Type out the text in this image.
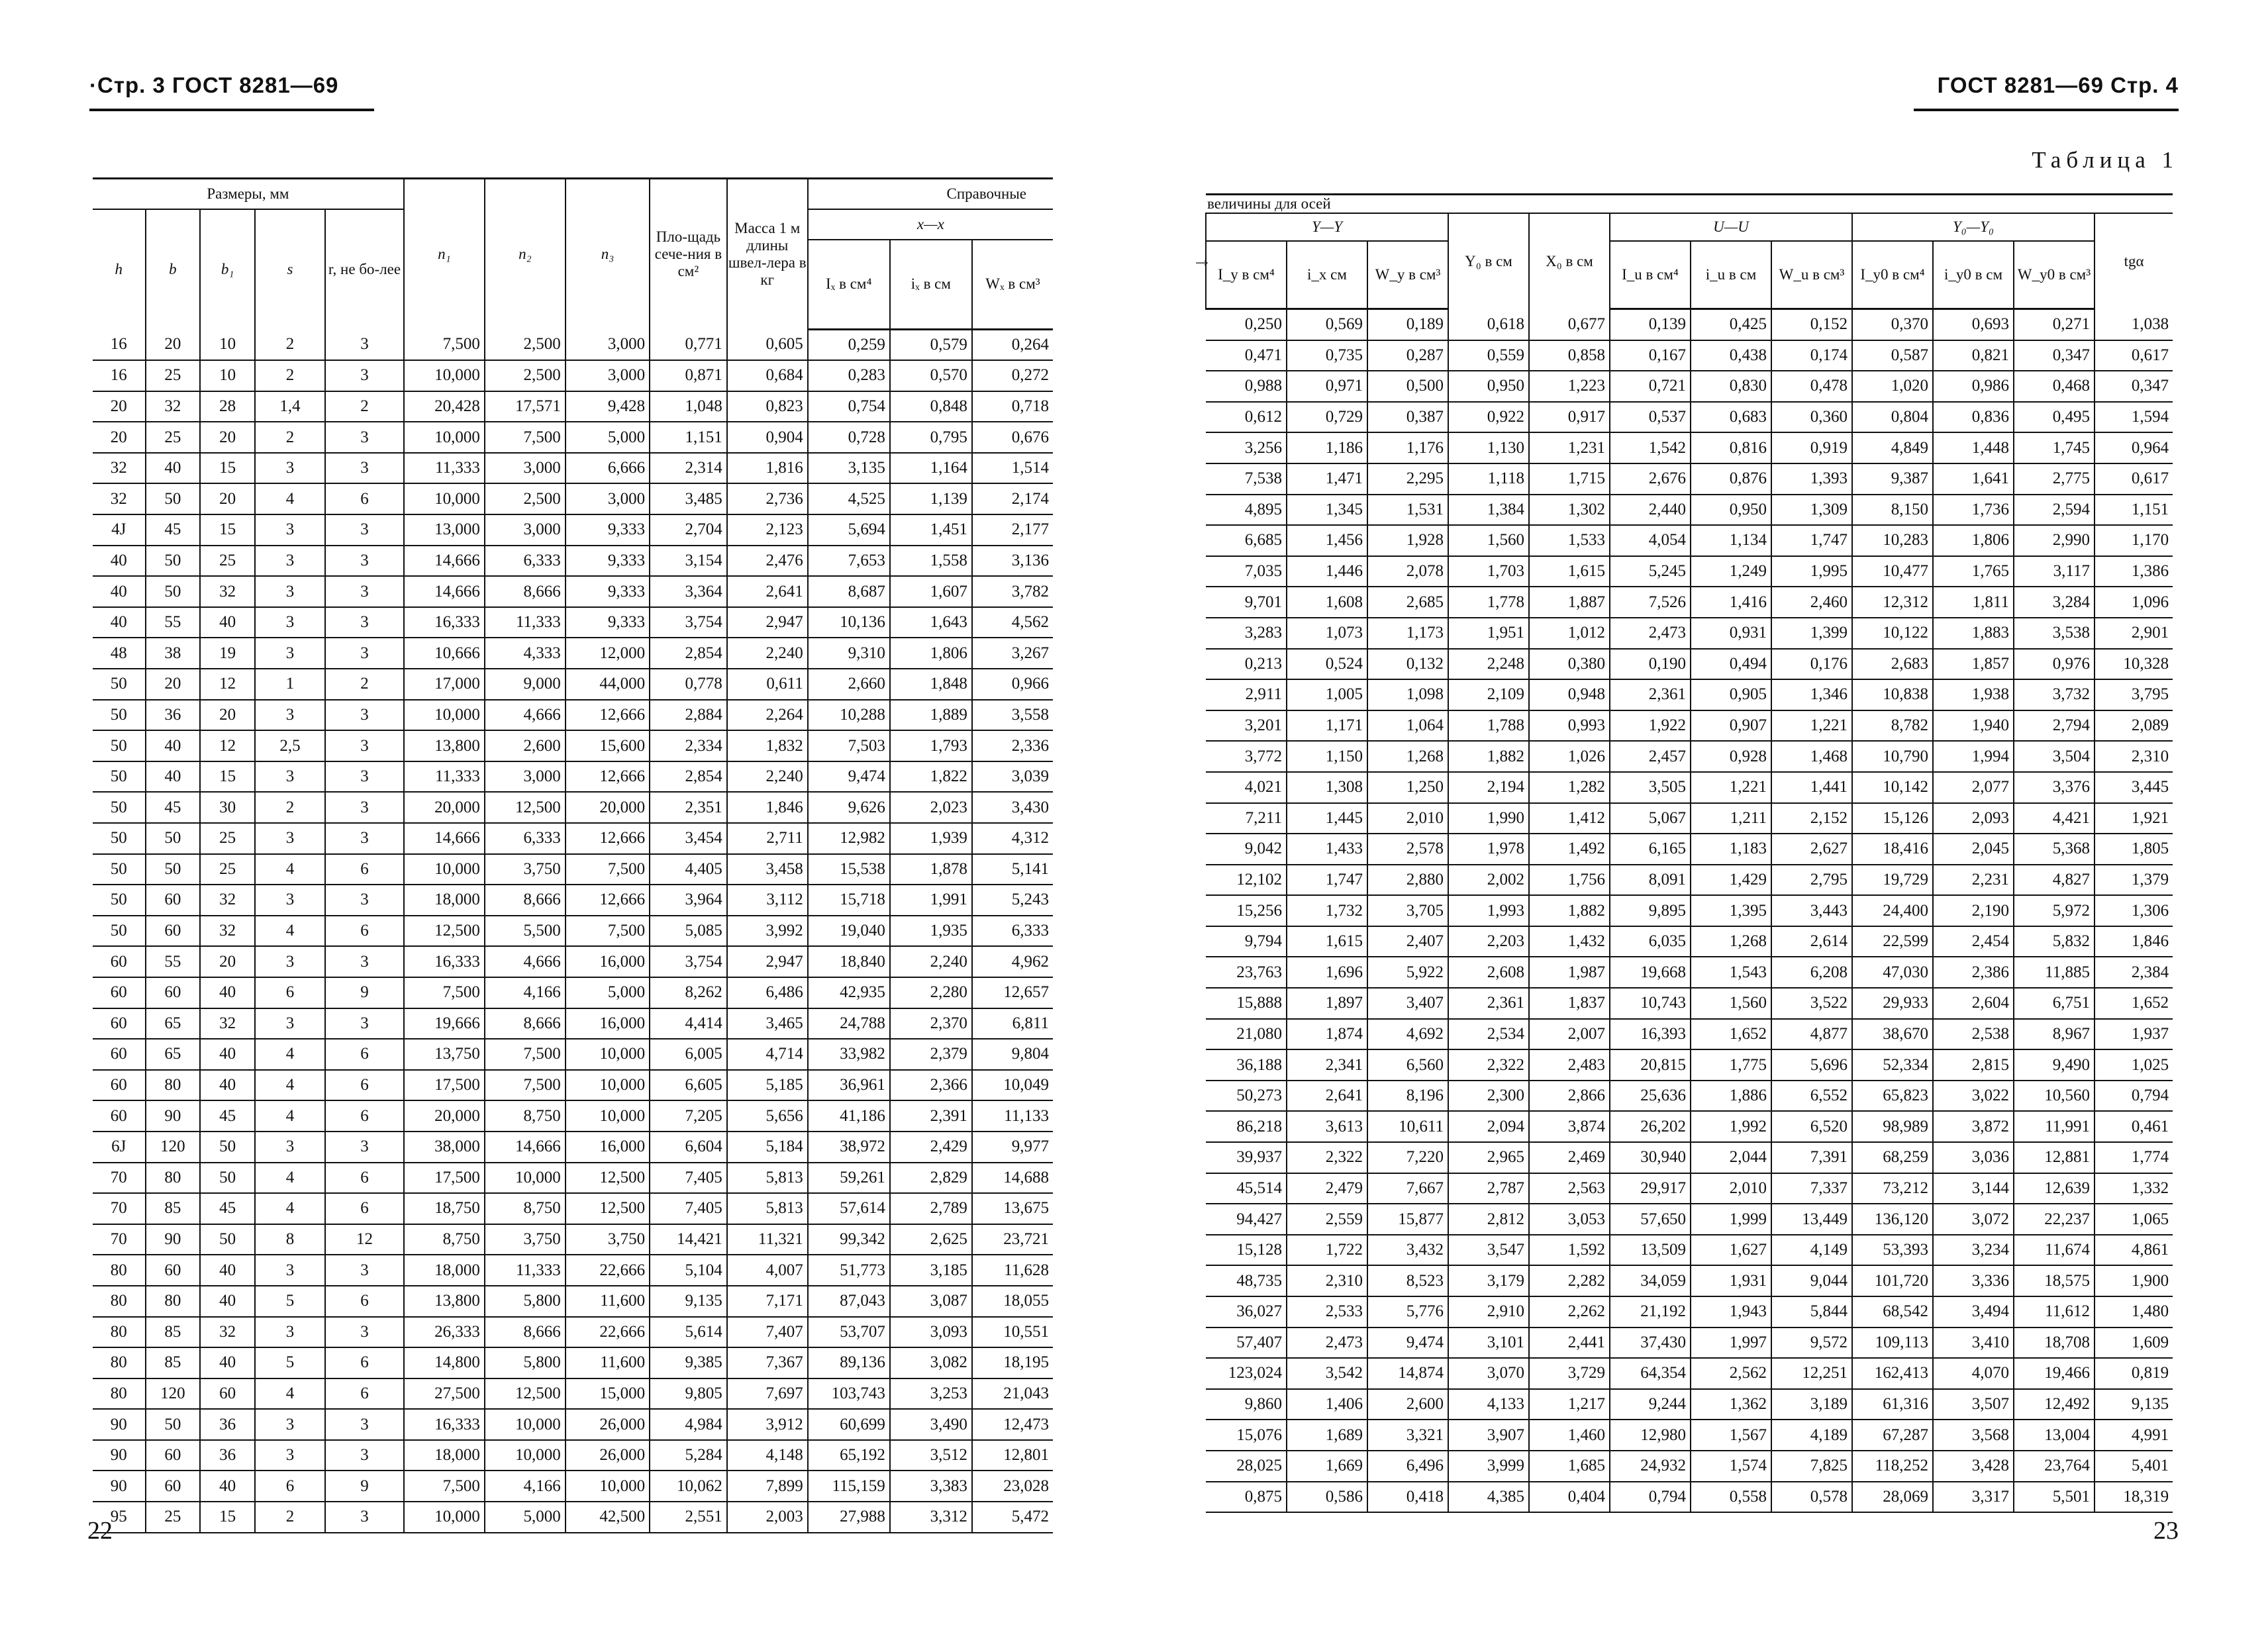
·Стр. 3 ГОСТ 8281—69
Размеры, мм					n₁	n₂	n₃	Пло-щадь сече-ния в см²	Масса 1 м длины швел-лера в кг	Справочные		
h	b	b₁	s	r, не бо-лее						x—x		
										Iₓ в см⁴	iₓ в см	Wₓ в см³
16	20	10	2	3	7,500	2,500	3,000	0,771	0,605	0,259	0,579	0,264
16	25	10	2	3	10,000	2,500	3,000	0,871	0,684	0,283	0,570	0,272
20	32	28	1,4	2	20,428	17,571	9,428	1,048	0,823	0,754	0,848	0,718
20	25	20	2	3	10,000	7,500	5,000	1,151	0,904	0,728	0,795	0,676
32	40	15	3	3	11,333	3,000	6,666	2,314	1,816	3,135	1,164	1,514
32	50	20	4	6	10,000	2,500	3,000	3,485	2,736	4,525	1,139	2,174
4J	45	15	3	3	13,000	3,000	9,333	2,704	2,123	5,694	1,451	2,177
40	50	25	3	3	14,666	6,333	9,333	3,154	2,476	7,653	1,558	3,136
40	50	32	3	3	14,666	8,666	9,333	3,364	2,641	8,687	1,607	3,782
40	55	40	3	3	16,333	11,333	9,333	3,754	2,947	10,136	1,643	4,562
48	38	19	3	3	10,666	4,333	12,000	2,854	2,240	9,310	1,806	3,267
50	20	12	1	2	17,000	9,000	44,000	0,778	0,611	2,660	1,848	0,966
50	36	20	3	3	10,000	4,666	12,666	2,884	2,264	10,288	1,889	3,558
50	40	12	2,5	3	13,800	2,600	15,600	2,334	1,832	7,503	1,793	2,336
50	40	15	3	3	11,333	3,000	12,666	2,854	2,240	9,474	1,822	3,039
50	45	30	2	3	20,000	12,500	20,000	2,351	1,846	9,626	2,023	3,430
50	50	25	3	3	14,666	6,333	12,666	3,454	2,711	12,982	1,939	4,312
50	50	25	4	6	10,000	3,750	7,500	4,405	3,458	15,538	1,878	5,141
50	60	32	3	3	18,000	8,666	12,666	3,964	3,112	15,718	1,991	5,243
50	60	32	4	6	12,500	5,500	7,500	5,085	3,992	19,040	1,935	6,333
60	55	20	3	3	16,333	4,666	16,000	3,754	2,947	18,840	2,240	4,962
60	60	40	6	9	7,500	4,166	5,000	8,262	6,486	42,935	2,280	12,657
60	65	32	3	3	19,666	8,666	16,000	4,414	3,465	24,788	2,370	6,811
60	65	40	4	6	13,750	7,500	10,000	6,005	4,714	33,982	2,379	9,804
60	80	40	4	6	17,500	7,500	10,000	6,605	5,185	36,961	2,366	10,049
60	90	45	4	6	20,000	8,750	10,000	7,205	5,656	41,186	2,391	11,133
6J	120	50	3	3	38,000	14,666	16,000	6,604	5,184	38,972	2,429	9,977
70	80	50	4	6	17,500	10,000	12,500	7,405	5,813	59,261	2,829	14,688
70	85	45	4	6	18,750	8,750	12,500	7,405	5,813	57,614	2,789	13,675
70	90	50	8	12	8,750	3,750	3,750	14,421	11,321	99,342	2,625	23,721
80	60	40	3	3	18,000	11,333	22,666	5,104	4,007	51,773	3,185	11,628
80	80	40	5	6	13,800	5,800	11,600	9,135	7,171	87,043	3,087	18,055
80	85	32	3	3	26,333	8,666	22,666	5,614	7,407	53,707	3,093	10,551
80	85	40	5	6	14,800	5,800	11,600	9,385	7,367	89,136	3,082	18,195
80	120	60	4	6	27,500	12,500	15,000	9,805	7,697	103,743	3,253	21,043
90	50	36	3	3	16,333	10,000	26,000	4,984	3,912	60,699	3,490	12,473
90	60	36	3	3	18,000	10,000	26,000	5,284	4,148	65,192	3,512	12,801
90	60	40	6	9	7,500	4,166	10,000	10,062	7,899	115,159	3,383	23,028
95	25	15	2	3	10,000	5,000	42,500	2,551	2,003	27,988	3,312	5,472
22
ГОСТ 8281—69 Стр. 4
Таблица 1
→
величины для осей											
Y—Y			Y₀ в см	X₀ в см	U—U			Y₀—Y₀			tgα
I_y в см⁴	i_x см	W_y в см³			I_u в см⁴	i_u в см	W_u в см³	I_y0 в см⁴	i_y0 в см	W_y0 в см³	
0,250	0,569	0,189	0,618	0,677	0,139	0,425	0,152	0,370	0,693	0,271	1,038
0,471	0,735	0,287	0,559	0,858	0,167	0,438	0,174	0,587	0,821	0,347	0,617
0,988	0,971	0,500	0,950	1,223	0,721	0,830	0,478	1,020	0,986	0,468	0,347
0,612	0,729	0,387	0,922	0,917	0,537	0,683	0,360	0,804	0,836	0,495	1,594
3,256	1,186	1,176	1,130	1,231	1,542	0,816	0,919	4,849	1,448	1,745	0,964
7,538	1,471	2,295	1,118	1,715	2,676	0,876	1,393	9,387	1,641	2,775	0,617
4,895	1,345	1,531	1,384	1,302	2,440	0,950	1,309	8,150	1,736	2,594	1,151
6,685	1,456	1,928	1,560	1,533	4,054	1,134	1,747	10,283	1,806	2,990	1,170
7,035	1,446	2,078	1,703	1,615	5,245	1,249	1,995	10,477	1,765	3,117	1,386
9,701	1,608	2,685	1,778	1,887	7,526	1,416	2,460	12,312	1,811	3,284	1,096
3,283	1,073	1,173	1,951	1,012	2,473	0,931	1,399	10,122	1,883	3,538	2,901
0,213	0,524	0,132	2,248	0,380	0,190	0,494	0,176	2,683	1,857	0,976	10,328
2,911	1,005	1,098	2,109	0,948	2,361	0,905	1,346	10,838	1,938	3,732	3,795
3,201	1,171	1,064	1,788	0,993	1,922	0,907	1,221	8,782	1,940	2,794	2,089
3,772	1,150	1,268	1,882	1,026	2,457	0,928	1,468	10,790	1,994	3,504	2,310
4,021	1,308	1,250	2,194	1,282	3,505	1,221	1,441	10,142	2,077	3,376	3,445
7,211	1,445	2,010	1,990	1,412	5,067	1,211	2,152	15,126	2,093	4,421	1,921
9,042	1,433	2,578	1,978	1,492	6,165	1,183	2,627	18,416	2,045	5,368	1,805
12,102	1,747	2,880	2,002	1,756	8,091	1,429	2,795	19,729	2,231	4,827	1,379
15,256	1,732	3,705	1,993	1,882	9,895	1,395	3,443	24,400	2,190	5,972	1,306
9,794	1,615	2,407	2,203	1,432	6,035	1,268	2,614	22,599	2,454	5,832	1,846
23,763	1,696	5,922	2,608	1,987	19,668	1,543	6,208	47,030	2,386	11,885	2,384
15,888	1,897	3,407	2,361	1,837	10,743	1,560	3,522	29,933	2,604	6,751	1,652
21,080	1,874	4,692	2,534	2,007	16,393	1,652	4,877	38,670	2,538	8,967	1,937
36,188	2,341	6,560	2,322	2,483	20,815	1,775	5,696	52,334	2,815	9,490	1,025
50,273	2,641	8,196	2,300	2,866	25,636	1,886	6,552	65,823	3,022	10,560	0,794
86,218	3,613	10,611	2,094	3,874	26,202	1,992	6,520	98,989	3,872	11,991	0,461
39,937	2,322	7,220	2,965	2,469	30,940	2,044	7,391	68,259	3,036	12,881	1,774
45,514	2,479	7,667	2,787	2,563	29,917	2,010	7,337	73,212	3,144	12,639	1,332
94,427	2,559	15,877	2,812	3,053	57,650	1,999	13,449	136,120	3,072	22,237	1,065
15,128	1,722	3,432	3,547	1,592	13,509	1,627	4,149	53,393	3,234	11,674	4,861
48,735	2,310	8,523	3,179	2,282	34,059	1,931	9,044	101,720	3,336	18,575	1,900
36,027	2,533	5,776	2,910	2,262	21,192	1,943	5,844	68,542	3,494	11,612	1,480
57,407	2,473	9,474	3,101	2,441	37,430	1,997	9,572	109,113	3,410	18,708	1,609
123,024	3,542	14,874	3,070	3,729	64,354	2,562	12,251	162,413	4,070	19,466	0,819
9,860	1,406	2,600	4,133	1,217	9,244	1,362	3,189	61,316	3,507	12,492	9,135
15,076	1,689	3,321	3,907	1,460	12,980	1,567	4,189	67,287	3,568	13,004	4,991
28,025	1,669	6,496	3,999	1,685	24,932	1,574	7,825	118,252	3,428	23,764	5,401
0,875	0,586	0,418	4,385	0,404	0,794	0,558	0,578	28,069	3,317	5,501	18,319
23
